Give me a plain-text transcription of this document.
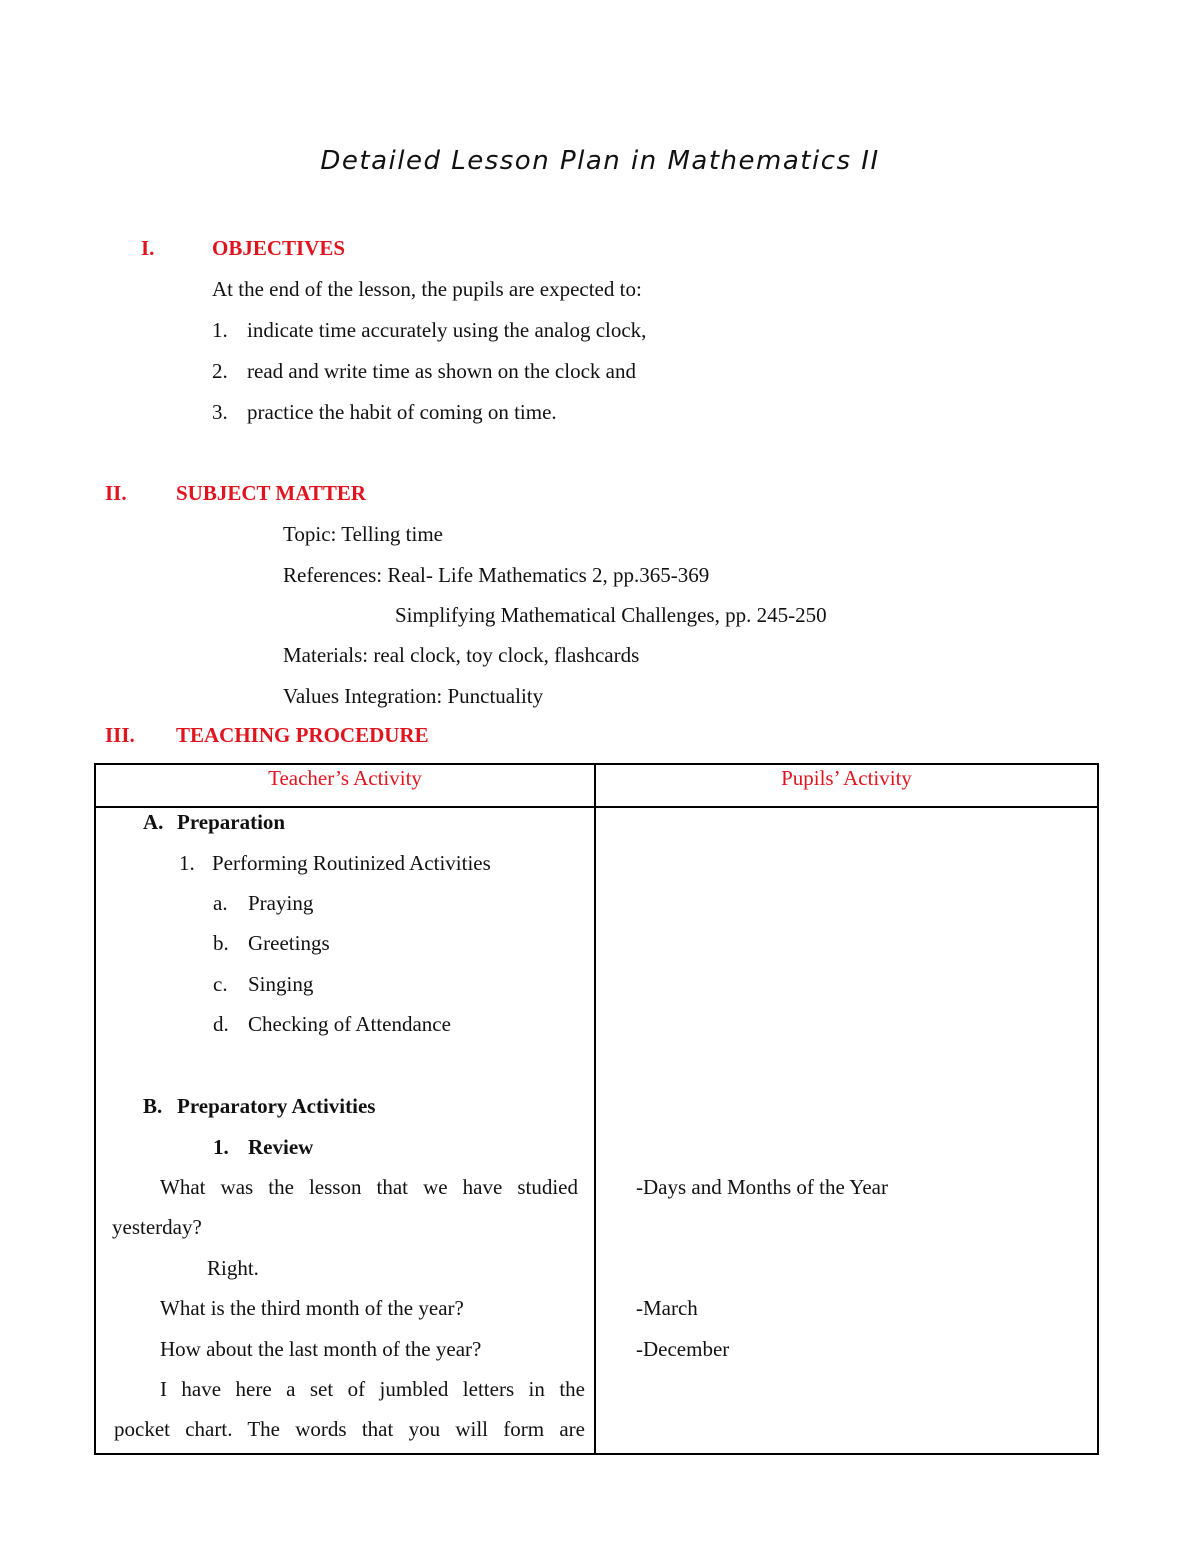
Detailed Lesson Plan in Mathematics II
I.	OBJECTIVES
At the end of the lesson, the pupils are expected to:
1. indicate time accurately using the analog clock,
2. read and write time as shown on the clock and
3. practice the habit of coming on time.
II. SUBJECT MATTER
Topic: Telling time
References: Real- Life Mathematics 2, pp.365-369
Simplifying Mathematical Challenges, pp. 245-250
Materials: real clock, toy clock, flashcards
Values Integration: Punctuality
III. TEACHING PROCEDURE
Teacher’s Activity	Pupils’ Activity
A. Preparation
1. Performing Routinized Activities
a. Praying
b. Greetings
c. Singing
d. Checking of Attendance
B. Preparatory Activities
1. Review
What was the lesson that we have studied
yesterday?
Right.
What is the third month of the year?
How about the last month of the year?
I have here a set of jumbled letters in the
pocket chart. The words that you will form are
-Days and Months of the Year
-March
-December
